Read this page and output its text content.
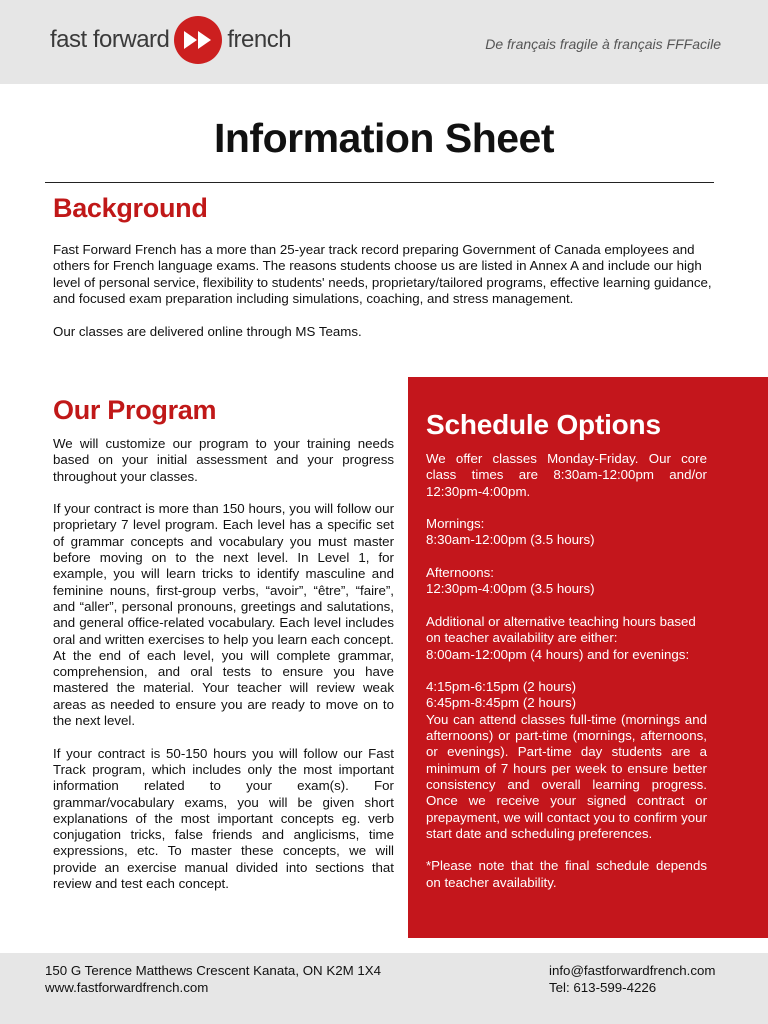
fast forward french	De français fragile à français FFFacile
Information Sheet
Background

Fast Forward French has a more than 25-year track record preparing Government of Canada employees and others for French language exams. The reasons students choose us are listed in Annex A and include our high level of personal service, flexibility to students' needs, proprietary/tailored programs, effective learning guidance, and focused exam preparation including simulations, coaching, and stress management.

Our classes are delivered online through MS Teams.

Our Program

We will customize our program to your training needs based on your initial assessment and your progress throughout your classes.

If your contract is more than 150 hours, you will follow our proprietary 7 level program. Each level has a specific set of grammar concepts and vocabulary you must master before moving on to the next level. In Level 1, for example, you will learn tricks to identify masculine and feminine nouns, first-group verbs, “avoir”, “être”, “faire”, and “aller”, personal pronouns, greetings and salutations, and general office-related vocabulary. Each level includes oral and written exercises to help you learn each concept. At the end of each level, you will complete grammar, comprehension, and oral tests to ensure you have mastered the material. Your teacher will review weak areas as needed to ensure you are ready to move on to the next level.

If your contract is 50-150 hours you will follow our Fast Track program, which includes only the most important information related to your exam(s). For grammar/vocabulary exams, you will be given short explanations of the most important concepts eg. verb conjugation tricks, false friends and anglicisms, time expressions, etc. To master these concepts, we will provide an exercise manual divided into sections that review and test each concept.

Schedule Options

We offer classes Monday-Friday. Our core class times are 8:30am-12:00pm and/or 12:30pm-4:00pm.

Mornings:

8:30am-12:00pm (3.5 hours)

Afternoons:

12:30pm-4:00pm (3.5 hours)

Additional or alternative teaching hours based on teacher availability are either:

8:00am-12:00pm (4 hours) and for evenings:

4:15pm-6:15pm (2 hours)

6:45pm-8:45pm (2 hours)

You can attend classes full-time (mornings and afternoons) or part-time (mornings, afternoons, or evenings). Part-time day students are a minimum of 7 hours per week to ensure better consistency and overall learning progress. Once we receive your signed contract or prepayment, we will contact you to confirm your start date and scheduling preferences.

*Please note that the final schedule depends on teacher availability.

150 G Terence Matthews Crescent Kanata, ON K2M 1X4
www.fastforwardfrench.com
info@fastforwardfrench.com
Tel: 613-599-4226
